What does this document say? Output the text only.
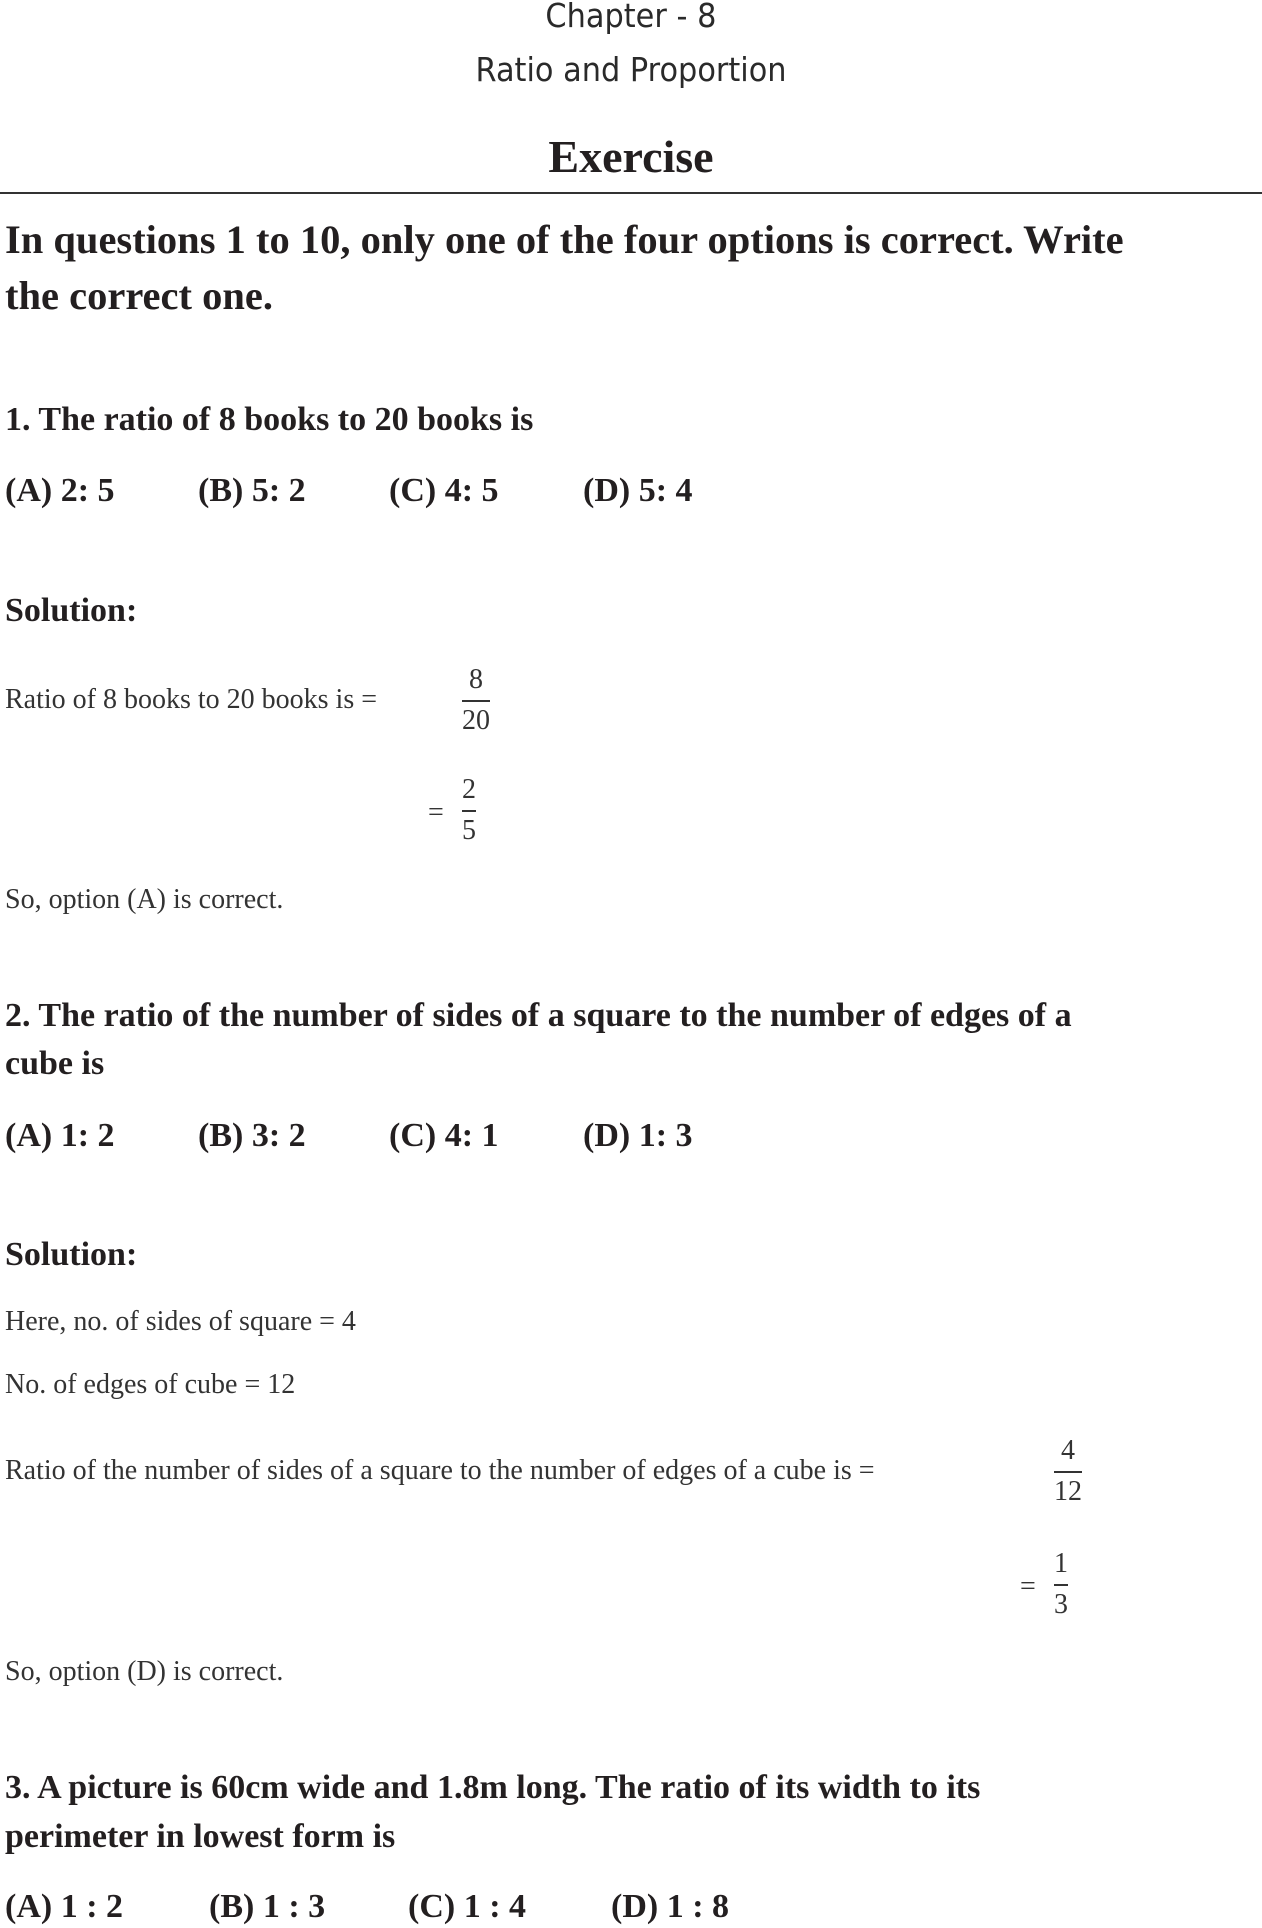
Chapter - 8
Ratio and Proportion
Exercise
In questions 1 to 10, only one of the four options is correct. Write
the correct one.
1. The ratio of 8 books to 20 books is
(A) 2: 5 (B) 5: 2 (C) 4: 5 (D) 5: 4
Solution:
Ratio of 8 books to 20 books is =
8
20
=
2
5
So, option (A) is correct.
2. The ratio of the number of sides of a square to the number of edges of a
cube is
(A) 1: 2 (B) 3: 2 (C) 4: 1 (D) 1: 3
Solution:
Here, no. of sides of square = 4
No. of edges of cube = 12
Ratio of the number of sides of a square to the number of edges of a cube is =
4
12
=
1
3
So, option (D) is correct.
3. A picture is 60cm wide and 1.8m long. The ratio of its width to its
perimeter in lowest form is
(A) 1 : 2	(B) 1 : 3 (C) 1 : 4 (D) 1 : 8
